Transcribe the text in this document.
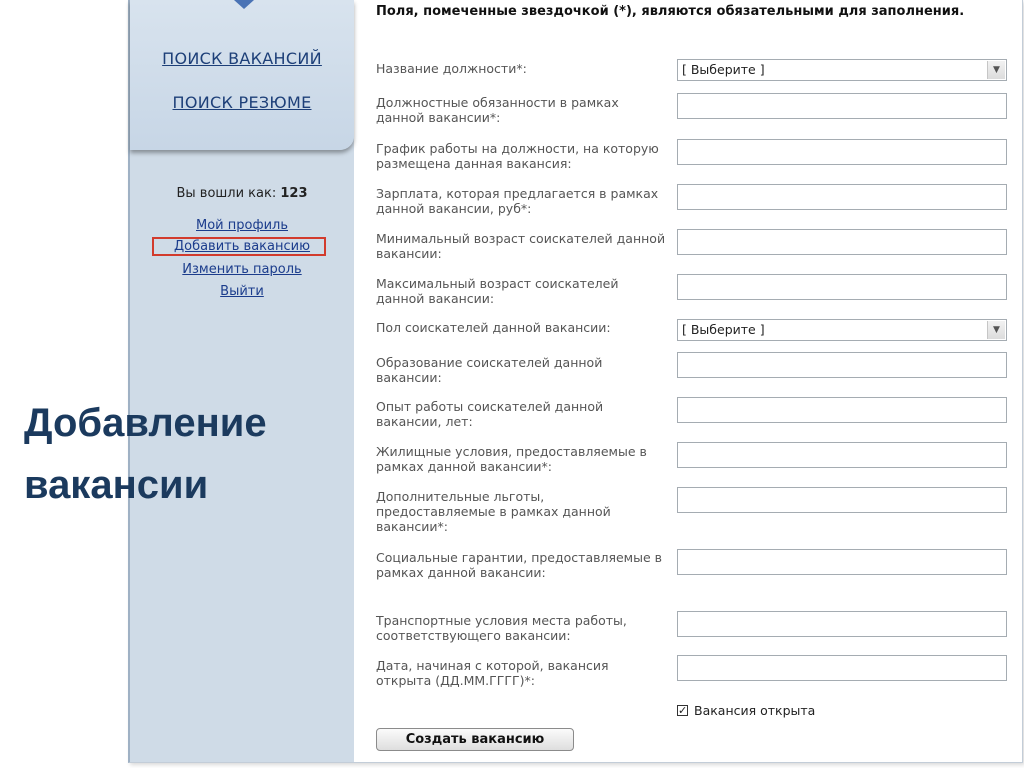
ПОИСК ВАКАНСИЙ
ПОИСК РЕЗЮМЕ
Вы вошли как: 123
Мой профиль
Добавить вакансию
Изменить пароль
Выйти
Добавление вакансии
Поля, помеченные звездочкой (*), являются обязательными для заполнения.
Название должности*:	[ Выберите ]	▼
Должностные обязанности в рамках данной вакансии*:
График работы на должности, на которую размещена данная вакансия:
Зарплата, которая предлагается в рамках данной вакансии, руб*:
Минимальный возраст соискателей данной вакансии:
Максимальный возраст соискателей данной вакансии:
Пол соискателей данной вакансии:	[ Выберите ]	▼
Образование соискателей данной вакансии:
Опыт работы соискателей данной вакансии, лет:
Жилищные условия, предоставляемые в рамках данной вакансии*:
Дополнительные льготы, предоставляемые в рамках данной вакансии*:
Социальные гарантии, предоставляемые в рамках данной вакансии:
Транспортные условия места работы, соответствующего вакансии:
Дата, начиная с которой, вакансия открыта (ДД.ММ.ГГГГ)*:
✓ Вакансия открыта
Создать вакансию
